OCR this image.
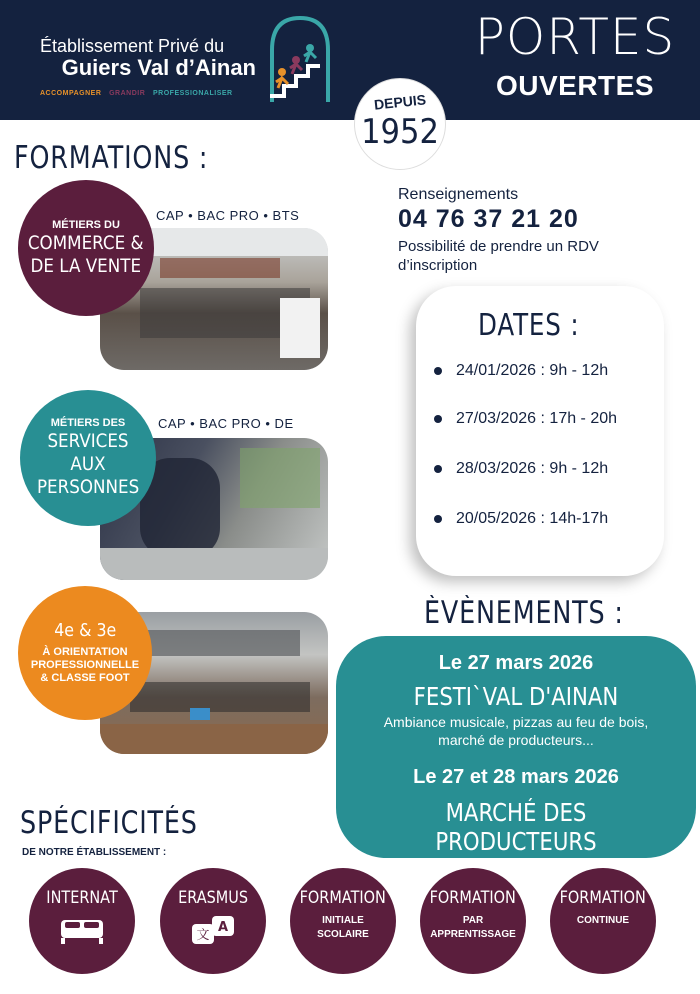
Établissement Privé du
Guiers Val d’Ainan
ACCOMPAGNER · GRANDIR · PROFESSIONALISER
PORTES
OUVERTES
DEPUIS
1952
FORMATIONS :
MÉTIERS DU
COMMERCE &
DE LA VENTE
CAP • BAC PRO • BTS
MÉTIERS DES
SERVICES AUX
PERSONNES
CAP • BAC PRO • DE
4e & 3e
À ORIENTATION
PROFESSIONNELLE
& CLASSE FOOT
Renseignements
04 76 37 21 20
Possibilité de prendre un RDV d’inscription
DATES :
24/01/2026 : 9h - 12h
27/03/2026 : 17h - 20h
28/03/2026 : 9h - 12h
20/05/2026 : 14h-17h
ÈVÈNEMENTS :
Le 27 mars 2026
FESTI`VAL D'AINAN
Ambiance musicale, pizzas au feu de bois,
marché de producteurs...
Le 27 et 28 mars 2026
MARCHÉ DES PRODUCTEURS
SPÉCIFICITÉS
DE NOTRE ÉTABLISSEMENT :
INTERNAT	ERASMUS
文
A
FORMATION
INITIALE SCOLAIRE
FORMATION
PAR APPRENTISSAGE
FORMATION
CONTINUE
